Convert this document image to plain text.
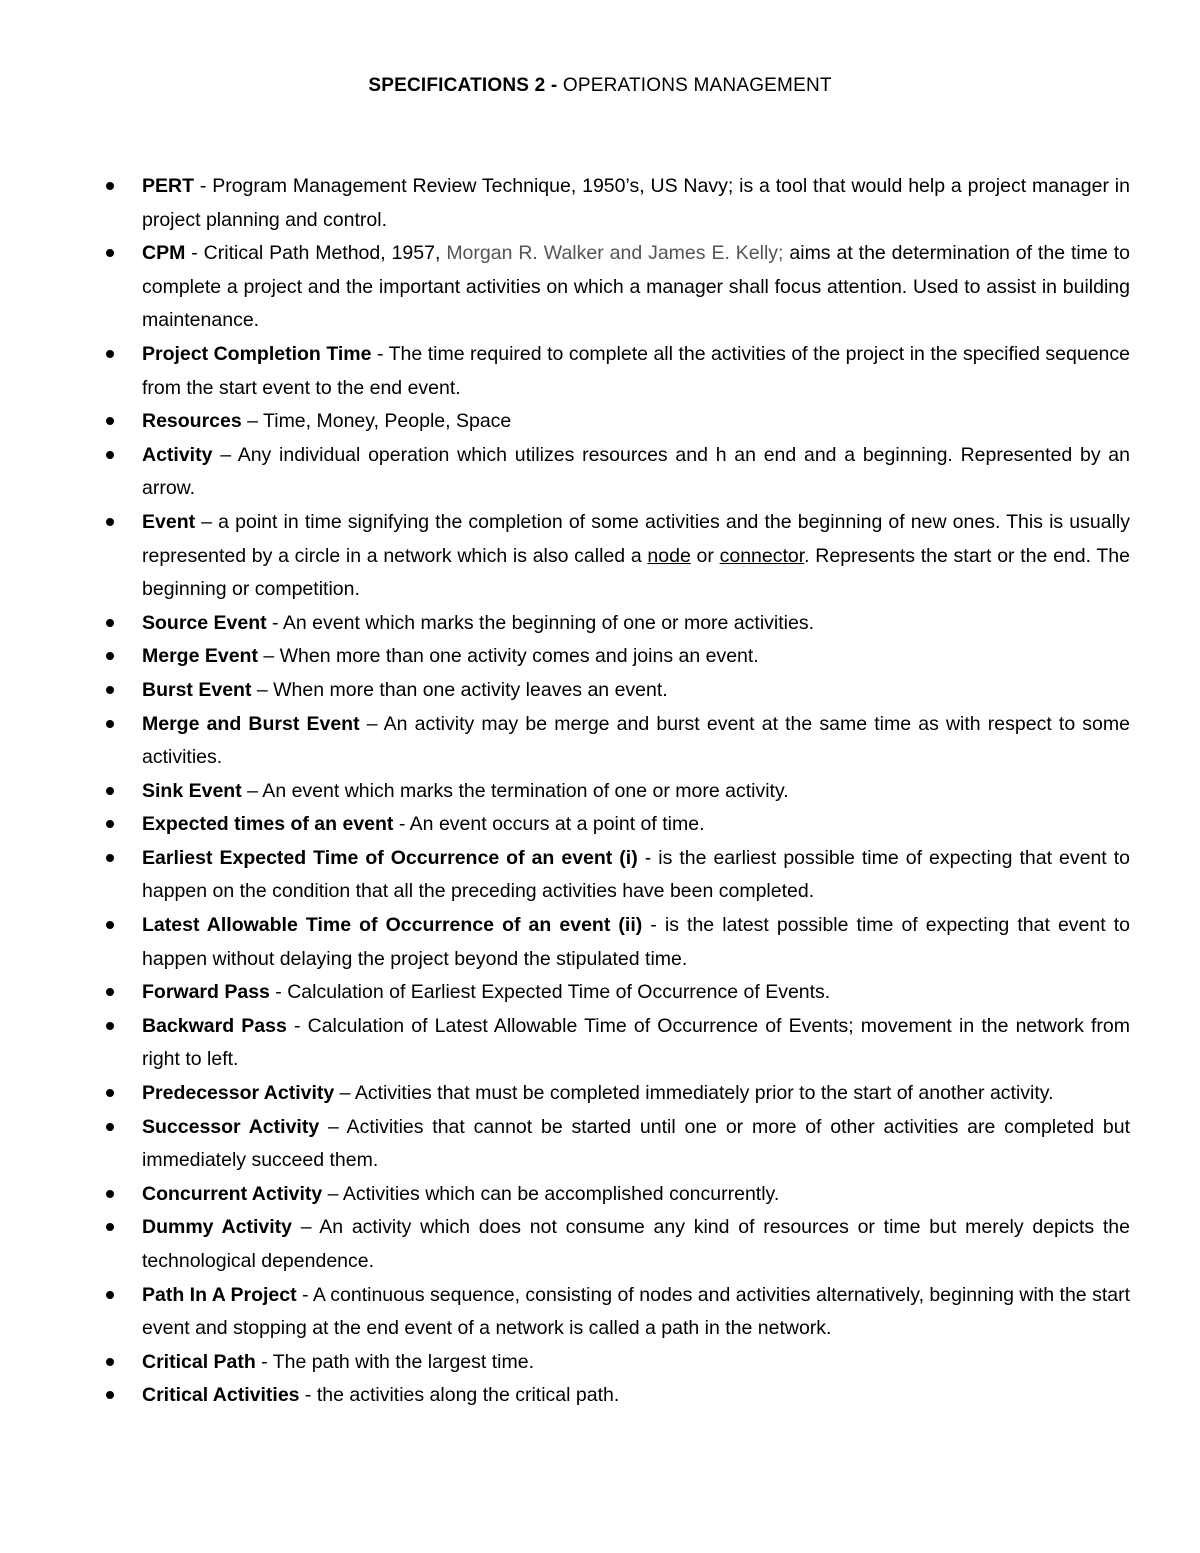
SPECIFICATIONS 2 - OPERATIONS MANAGEMENT
PERT - Program Management Review Technique, 1950’s, US Navy; is a tool that would help a project manager in project planning and control.
CPM - Critical Path Method, 1957, Morgan R. Walker and James E. Kelly; aims at the determination of the time to complete a project and the important activities on which a manager shall focus attention. Used to assist in building maintenance.
Project Completion Time - The time required to complete all the activities of the project in the specified sequence from the start event to the end event.
Resources – Time, Money, People, Space
Activity – Any individual operation which utilizes resources and h an end and a beginning. Represented by an arrow.
Event – a point in time signifying the completion of some activities and the beginning of new ones. This is usually represented by a circle in a network which is also called a node or connector. Represents the start or the end. The beginning or competition.
Source Event - An event which marks the beginning of one or more activities.
Merge Event – When more than one activity comes and joins an event.
Burst Event – When more than one activity leaves an event.
Merge and Burst Event – An activity may be merge and burst event at the same time as with respect to some activities.
Sink Event – An event which marks the termination of one or more activity.
Expected times of an event - An event occurs at a point of time.
Earliest Expected Time of Occurrence of an event (i) - is the earliest possible time of expecting that event to happen on the condition that all the preceding activities have been completed.
Latest Allowable Time of Occurrence of an event (ii) - is the latest possible time of expecting that event to happen without delaying the project beyond the stipulated time.
Forward Pass - Calculation of Earliest Expected Time of Occurrence of Events.
Backward Pass - Calculation of Latest Allowable Time of Occurrence of Events; movement in the network from right to left.
Predecessor Activity – Activities that must be completed immediately prior to the start of another activity.
Successor Activity – Activities that cannot be started until one or more of other activities are completed but immediately succeed them.
Concurrent Activity – Activities which can be accomplished concurrently.
Dummy Activity – An activity which does not consume any kind of resources or time but merely depicts the technological dependence.
Path In A Project - A continuous sequence, consisting of nodes and activities alternatively, beginning with the start event and stopping at the end event of a network is called a path in the network.
Critical Path - The path with the largest time.
Critical Activities - the activities along the critical path.
